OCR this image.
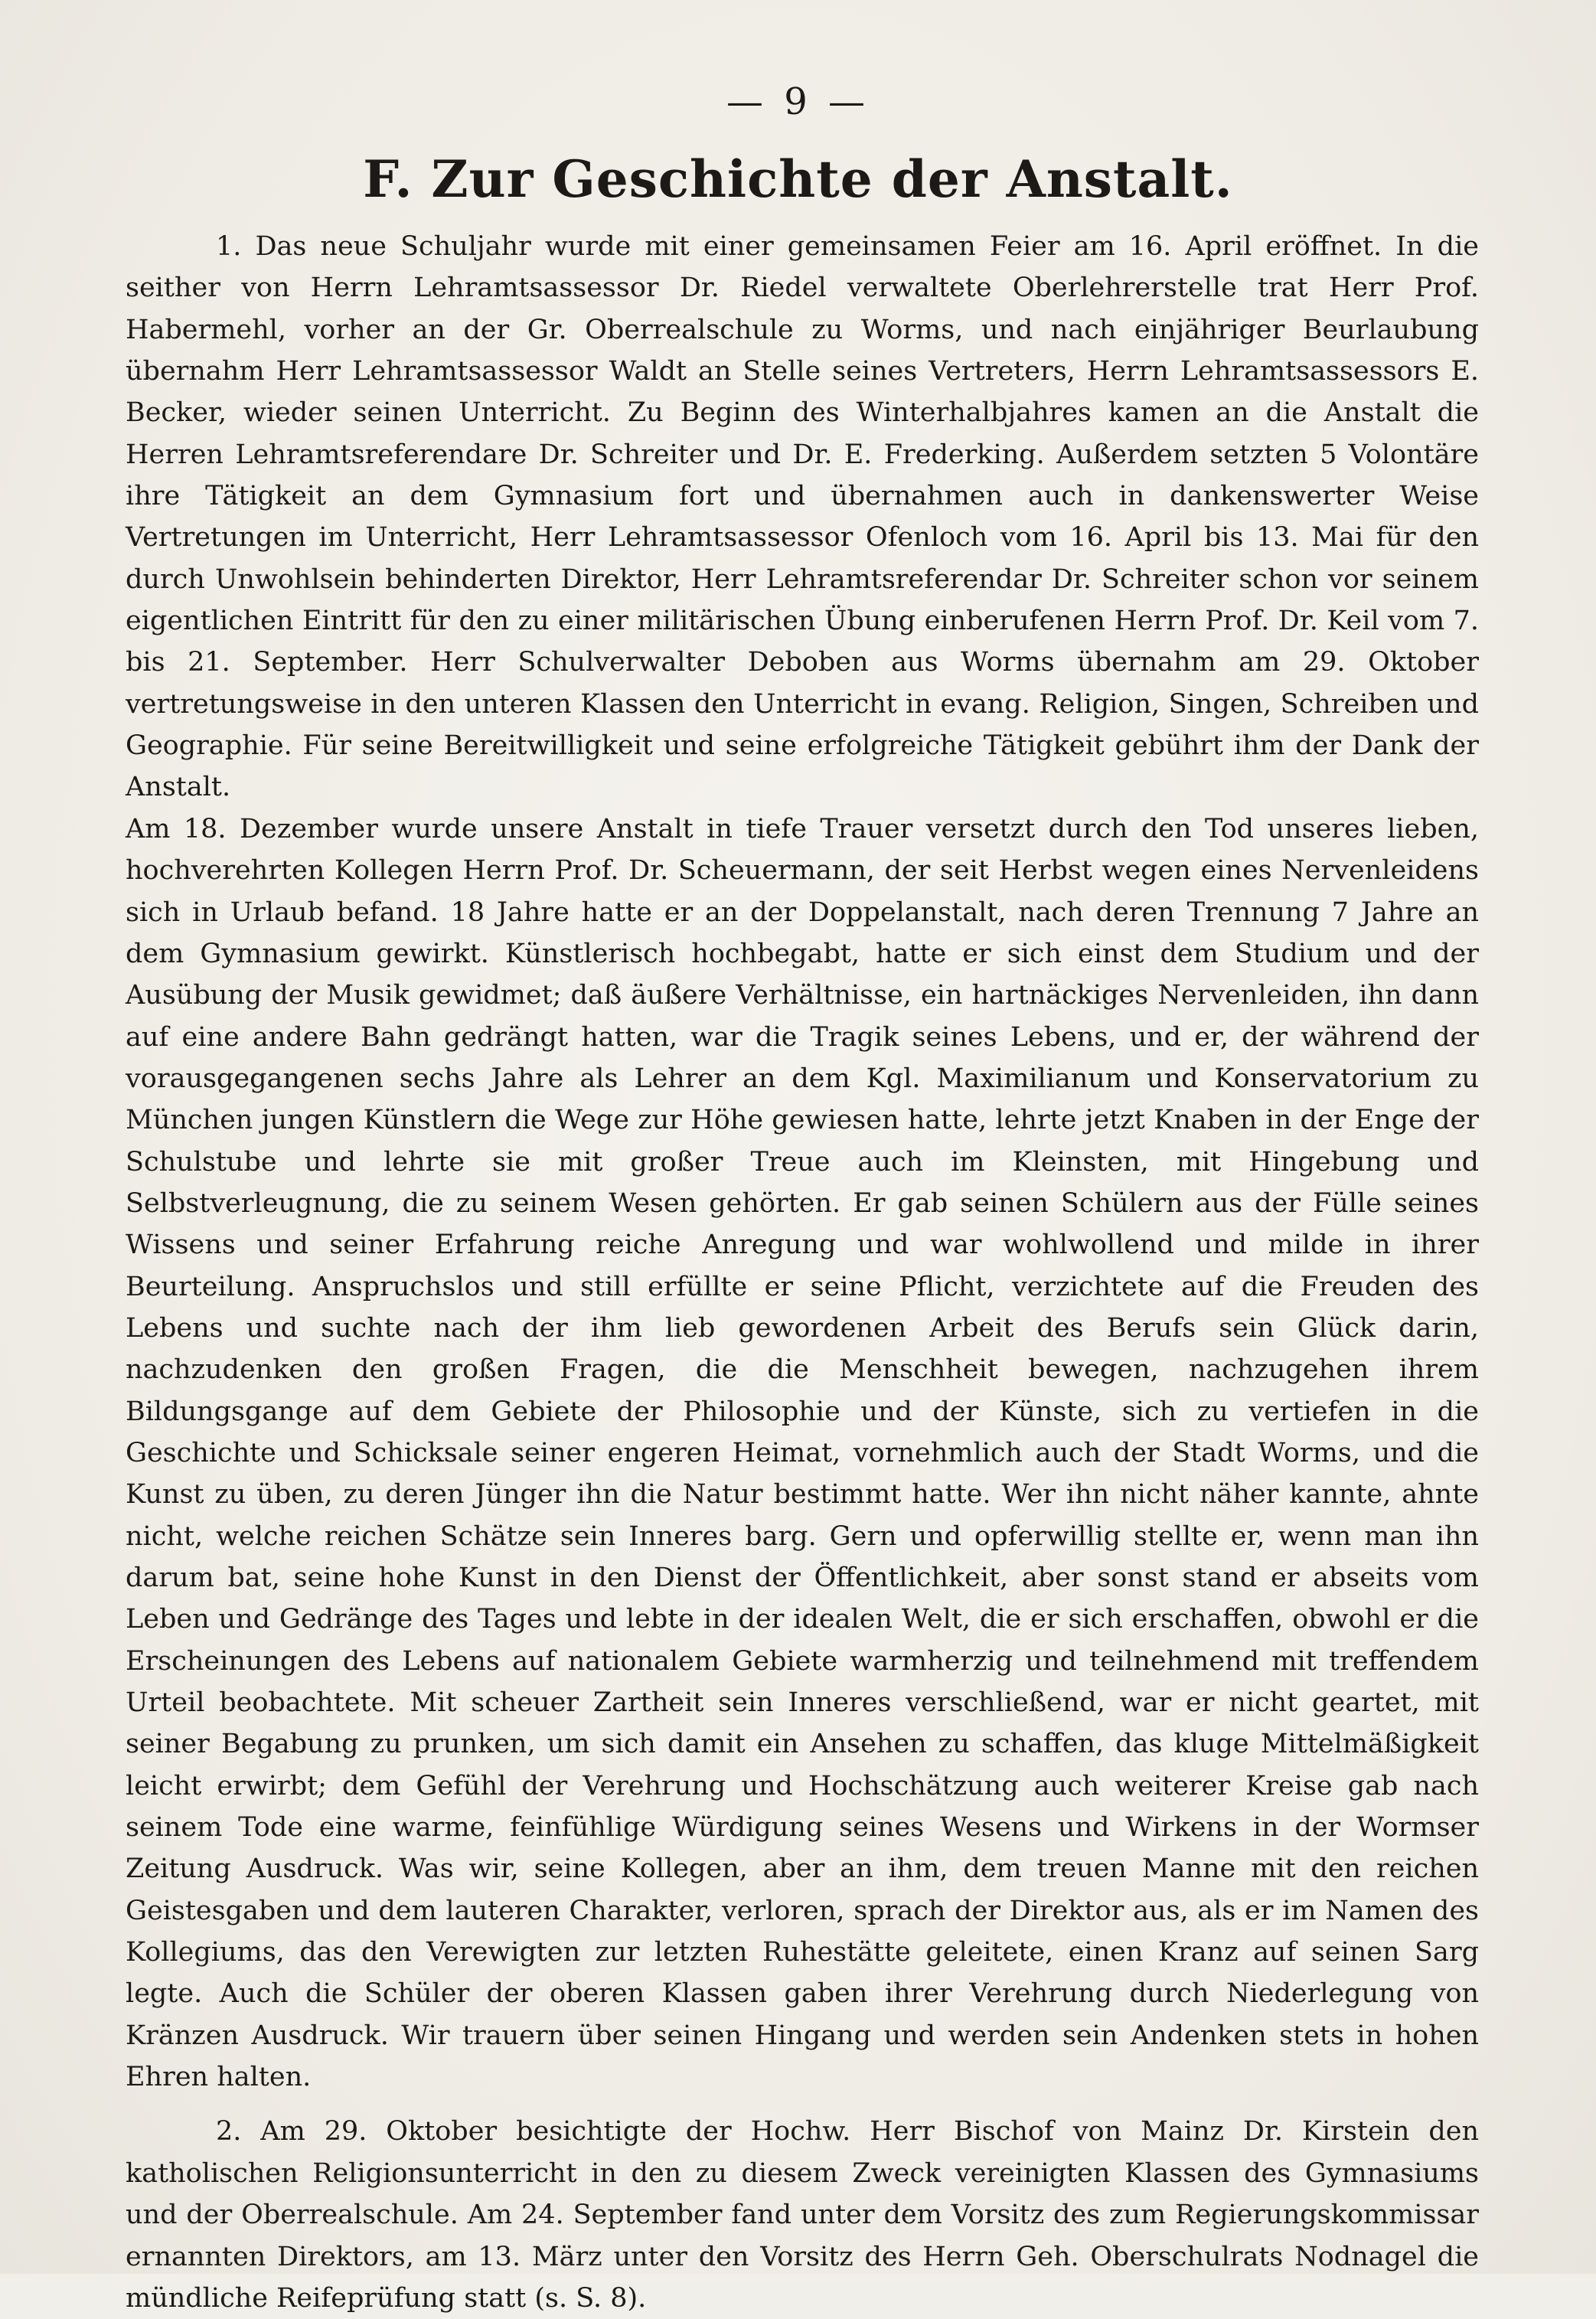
— 9 —
F. Zur Geschichte der Anstalt.

1. Das neue Schuljahr wurde mit einer gemeinsamen Feier am 16. April eröffnet. In die seither von Herrn Lehramtsassessor Dr. Riedel verwaltete Oberlehrerstelle trat Herr Prof. Habermehl, vorher an der Gr. Oberrealschule zu Worms, und nach einjähriger Beurlaubung übernahm Herr Lehramtsassessor Waldt an Stelle seines Vertreters, Herrn Lehramtsassessors E. Becker, wieder seinen Unterricht. Zu Beginn des Winterhalbjahres kamen an die Anstalt die Herren Lehramtsreferendare Dr. Schreiter und Dr. E. Frederking. Außerdem setzten 5 Volontäre ihre Tätigkeit an dem Gymnasium fort und übernahmen auch in dankenswerter Weise Vertretungen im Unterricht, Herr Lehramtsassessor Ofenloch vom 16. April bis 13. Mai für den durch Unwohlsein behinderten Direktor, Herr Lehramtsreferendar Dr. Schreiter schon vor seinem eigentlichen Eintritt für den zu einer militärischen Übung einberufenen Herrn Prof. Dr. Keil vom 7. bis 21. September. Herr Schulverwalter Deboben aus Worms übernahm am 29. Oktober vertretungsweise in den unteren Klassen den Unterricht in evang. Religion, Singen, Schreiben und Geographie. Für seine Bereitwilligkeit und seine erfolgreiche Tätigkeit gebührt ihm der Dank der Anstalt.

Am 18. Dezember wurde unsere Anstalt in tiefe Trauer versetzt durch den Tod unseres lieben, hochverehrten Kollegen Herrn Prof. Dr. Scheuermann, der seit Herbst wegen eines Nervenleidens sich in Urlaub befand. 18 Jahre hatte er an der Doppelanstalt, nach deren Trennung 7 Jahre an dem Gymnasium gewirkt. Künstlerisch hochbegabt, hatte er sich einst dem Studium und der Ausübung der Musik gewidmet; daß äußere Verhältnisse, ein hartnäckiges Nervenleiden, ihn dann auf eine andere Bahn gedrängt hatten, war die Tragik seines Lebens, und er, der während der vorausgegangenen sechs Jahre als Lehrer an dem Kgl. Maximilianum und Konservatorium zu München jungen Künstlern die Wege zur Höhe gewiesen hatte, lehrte jetzt Knaben in der Enge der Schulstube und lehrte sie mit großer Treue auch im Kleinsten, mit Hingebung und Selbstverleugnung, die zu seinem Wesen gehörten. Er gab seinen Schülern aus der Fülle seines Wissens und seiner Erfahrung reiche Anregung und war wohlwollend und milde in ihrer Beurteilung. Anspruchslos und still erfüllte er seine Pflicht, verzichtete auf die Freuden des Lebens und suchte nach der ihm lieb gewordenen Arbeit des Berufs sein Glück darin, nachzudenken den großen Fragen, die die Menschheit bewegen, nachzugehen ihrem Bildungsgange auf dem Gebiete der Philosophie und der Künste, sich zu vertiefen in die Geschichte und Schicksale seiner engeren Heimat, vornehmlich auch der Stadt Worms, und die Kunst zu üben, zu deren Jünger ihn die Natur bestimmt hatte. Wer ihn nicht näher kannte, ahnte nicht, welche reichen Schätze sein Inneres barg. Gern und opferwillig stellte er, wenn man ihn darum bat, seine hohe Kunst in den Dienst der Öffentlichkeit, aber sonst stand er abseits vom Leben und Gedränge des Tages und lebte in der idealen Welt, die er sich erschaffen, obwohl er die Erscheinungen des Lebens auf nationalem Gebiete warmherzig und teilnehmend mit treffendem Urteil beobachtete. Mit scheuer Zartheit sein Inneres verschließend, war er nicht geartet, mit seiner Begabung zu prunken, um sich damit ein Ansehen zu schaffen, das kluge Mittelmäßigkeit leicht erwirbt; dem Gefühl der Verehrung und Hochschätzung auch weiterer Kreise gab nach seinem Tode eine warme, feinfühlige Würdigung seines Wesens und Wirkens in der Wormser Zeitung Ausdruck. Was wir, seine Kollegen, aber an ihm, dem treuen Manne mit den reichen Geistesgaben und dem lauteren Charakter, verloren, sprach der Direktor aus, als er im Namen des Kollegiums, das den Verewigten zur letzten Ruhestätte geleitete, einen Kranz auf seinen Sarg legte. Auch die Schüler der oberen Klassen gaben ihrer Verehrung durch Niederlegung von Kränzen Ausdruck. Wir trauern über seinen Hingang und werden sein Andenken stets in hohen Ehren halten.

2. Am 29. Oktober besichtigte der Hochw. Herr Bischof von Mainz Dr. Kirstein den katholischen Religionsunterricht in den zu diesem Zweck vereinigten Klassen des Gymnasiums und der Oberrealschule. Am 24. September fand unter dem Vorsitz des zum Regierungskommissar ernannten Direktors, am 13. März unter den Vorsitz des Herrn Geh. Oberschulrats Nodnagel die mündliche Reifeprüfung statt (s. S. 8).
